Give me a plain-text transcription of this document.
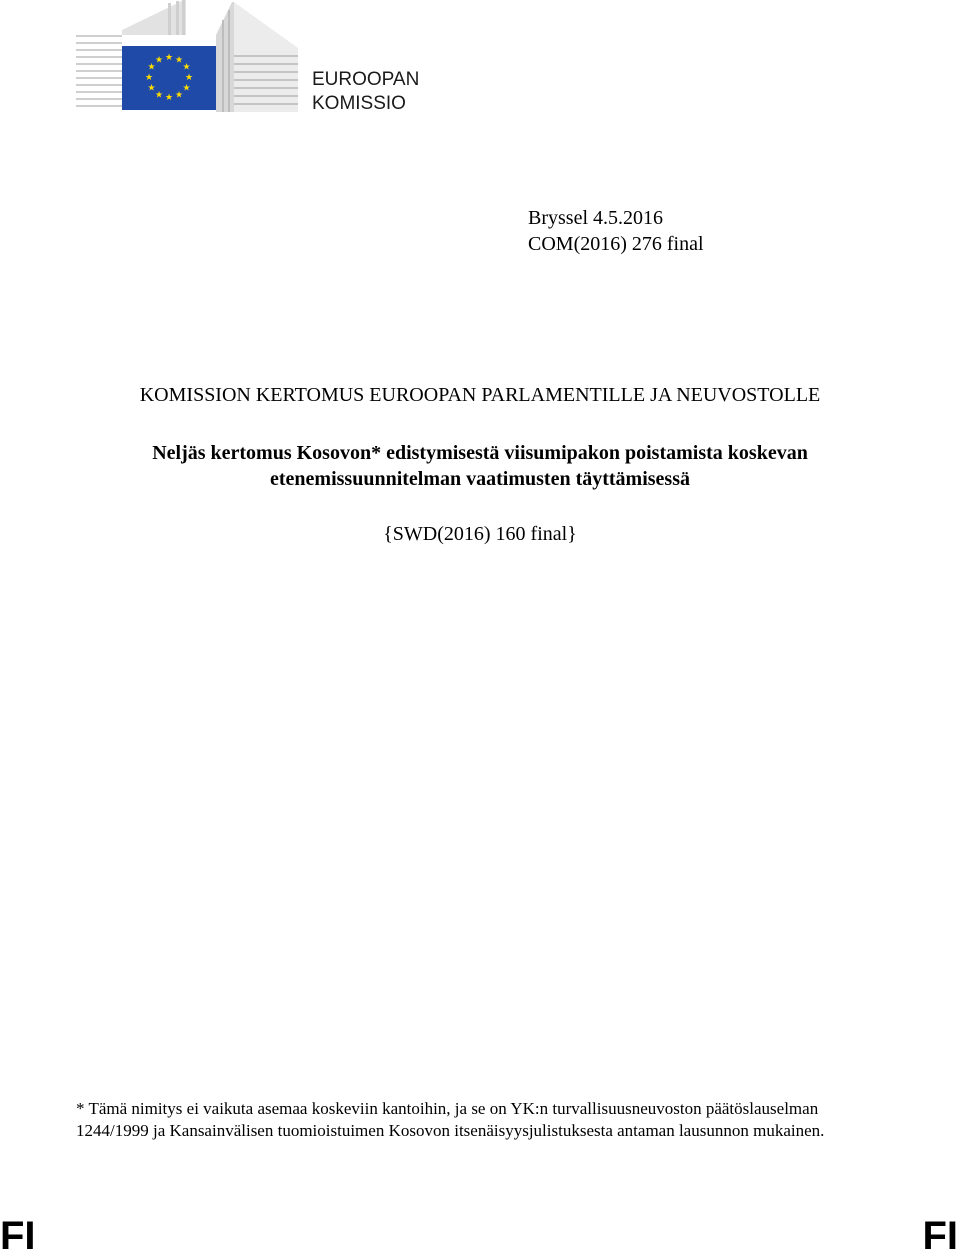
★ ★
★
★
★
★
★
★
★
★
★
★
EUROOPAN
KOMISSIO
Bryssel 4.5.2016
COM(2016) 276 final
KOMISSION KERTOMUS EUROOPAN PARLAMENTILLE JA NEUVOSTOLLE
Neljäs kertomus Kosovon* edistymisestä viisumipakon poistamista koskevan
etenemissuunnitelman vaatimusten täyttämisessä
{SWD(2016) 160 final}
* Tämä nimitys ei vaikuta asemaa koskeviin kantoihin, ja se on YK:n turvallisuusneuvoston päätöslauselman
1244/1999 ja Kansainvälisen tuomioistuimen Kosovon itsenäisyysjulistuksesta antaman lausunnon mukainen.
FI	FI
